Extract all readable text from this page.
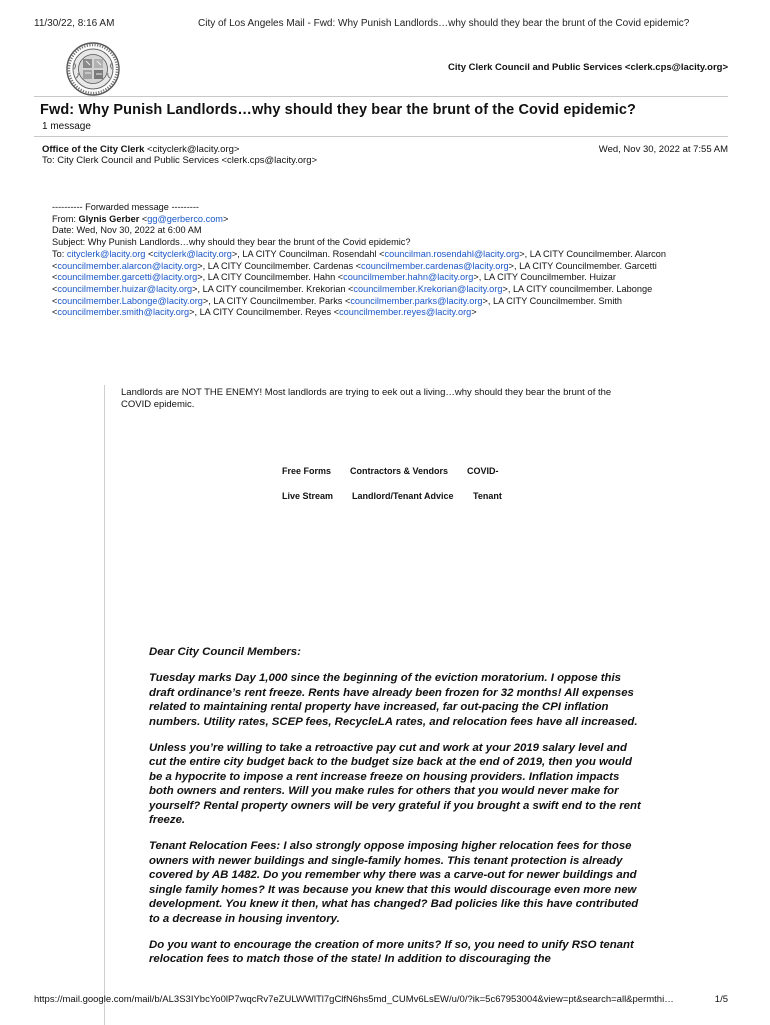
11/30/22, 8:16 AM	City of Los Angeles Mail - Fwd: Why Punish Landlords…why should they bear the brunt of the Covid epidemic?
City Clerk Council and Public Services <clerk.cps@lacity.org>
Fwd: Why Punish Landlords…why should they bear the brunt of the Covid epidemic?
1 message
Office of the City Clerk <cityclerk@lacity.org>	Wed, Nov 30, 2022 at 7:55 AM
To: City Clerk Council and Public Services <clerk.cps@lacity.org>
---------- Forwarded message ---------
From: Glynis Gerber <gg@gerberco.com>
Date: Wed, Nov 30, 2022 at 6:00 AM
Subject: Why Punish Landlords…why should they bear the brunt of the Covid epidemic?
To: cityclerk@lacity.org <cityclerk@lacity.org>, LA CITY Councilman. Rosendahl <councilman.rosendahl@lacity.org>, LA CITY Councilmember. Alarcon <councilmember.alarcon@lacity.org>, LA CITY Councilmember. Cardenas <councilmember.cardenas@lacity.org>, LA CITY Councilmember. Garcetti <councilmember.garcetti@lacity.org>, LA CITY Councilmember. Hahn <councilmember.hahn@lacity.org>, LA CITY Councilmember. Huizar <councilmember.huizar@lacity.org>, LA CITY councilmember. Krekorian <councilmember.Krekorian@lacity.org>, LA CITY councilmember. Labonge <councilmember.Labonge@lacity.org>, LA CITY Councilmember. Parks <councilmember.parks@lacity.org>, LA CITY Councilmember. Smith <councilmember.smith@lacity.org>, LA CITY Councilmember. Reyes <councilmember.reyes@lacity.org>
Landlords are NOT THE ENEMY! Most landlords are trying to eek out a living…why should they bear the brunt of the COVID epidemic.
Free Forms Contractors & Vendors COVID-
Live Stream Landlord/Tenant Advice Tenant

Dear City Council Members:

Tuesday marks Day 1,000 since the beginning of the eviction moratorium. I oppose this draft ordinance’s rent freeze. Rents have already been frozen for 32 months! All expenses related to maintaining rental property have increased, far out-pacing the CPI inflation numbers. Utility rates, SCEP fees, RecycleLA rates, and relocation fees have all increased.

Unless you’re willing to take a retroactive pay cut and work at your 2019 salary level and cut the entire city budget back to the budget size back at the end of 2019, then you would be a hypocrite to impose a rent increase freeze on housing providers. Inflation impacts both owners and renters. Will you make rules for others that you would never make for yourself? Rental property owners will be very grateful if you brought a swift end to the rent freeze.

Tenant Relocation Fees: I also strongly oppose imposing higher relocation fees for those owners with newer buildings and single-family homes. This tenant protection is already covered by AB 1482. Do you remember why there was a carve-out for newer buildings and single family homes? It was because you knew that this would discourage even more new development. You knew it then, what has changed? Bad policies like this have contributed to a decrease in housing inventory.

Do you want to encourage the creation of more units? If so, you need to unify RSO tenant relocation fees to match those of the state! In addition to discouraging the

https://mail.google.com/mail/b/AL3S3IYbcYo0lP7wqcRv7eZULWWlTl7gClfN6hs5md_CUMv6LsEW/u/0/?ik=5c67953004&view=pt&search=all&permthi…	1/5
